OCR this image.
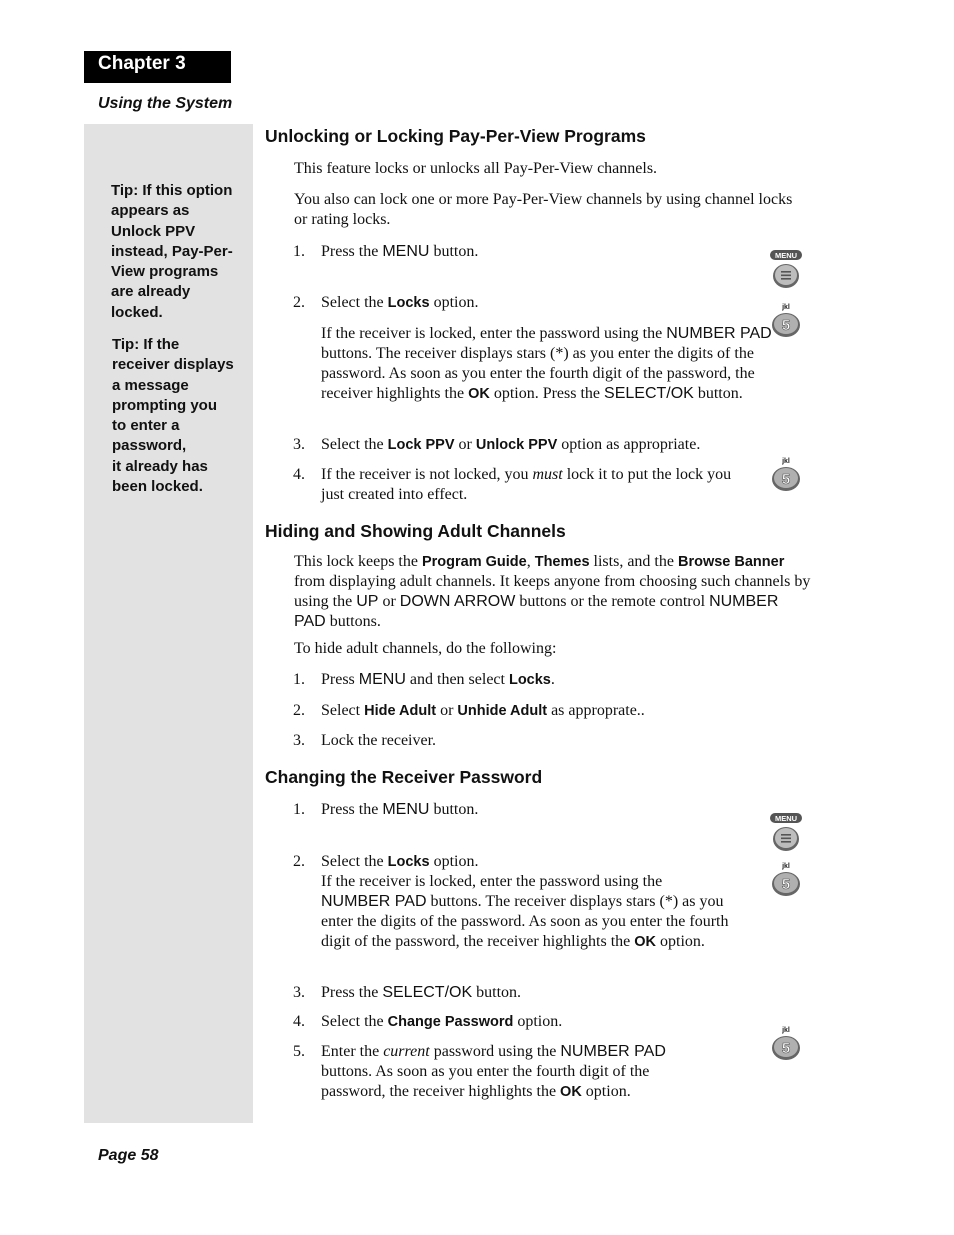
Chapter 3
Using the System
Tip: If this option
appears as
Unlock PPV
instead, Pay-Per-
View programs
are already
locked.
Tip: If the
receiver displays
a message
prompting you
to enter a
password,
it already has
been locked.
Unlocking or Locking Pay-Per-View Programs
This feature locks or unlocks all Pay-Per-View channels.
You also can lock one or more Pay-Per-View channels by using channel locks or rating locks.
1. Press the MENU button.
2. Select the Locks option.
If the receiver is locked, enter the password using the NUMBER PAD buttons. The receiver displays stars (*) as you enter the digits of the password. As soon as you enter the fourth digit of the password, the receiver highlights the OK option. Press the SELECT/OK button.
3. Select the Lock PPV or Unlock PPV option as appropriate.
4. If the receiver is not locked, you must lock it to put the lock you just created into effect.
Hiding and Showing Adult Channels
This lock keeps the Program Guide, Themes lists, and the Browse Banner from displaying adult channels. It keeps anyone from choosing such channels by using the UP or DOWN ARROW buttons or the remote control NUMBER PAD buttons.
To hide adult channels, do the following:
1. Press MENU and then select Locks.
2. Select Hide Adult or Unhide Adult as approprate..
3. Lock the receiver.
Changing the Receiver Password
1. Press the MENU button.
2. Select the Locks option.
If the receiver is locked, enter the password using the NUMBER PAD buttons. The receiver displays stars (*) as you enter the digits of the password. As soon as you enter the fourth digit of the password, the receiver highlights the OK option.
3. Press the SELECT/OK button.
4. Select the Change Password option.
5. Enter the current password using the NUMBER PAD buttons. As soon as you enter the fourth digit of the password, the receiver highlights the OK option.
MENU
jkl
5
jkl
5
MENU
jkl
5
jkl
5
Page 58
